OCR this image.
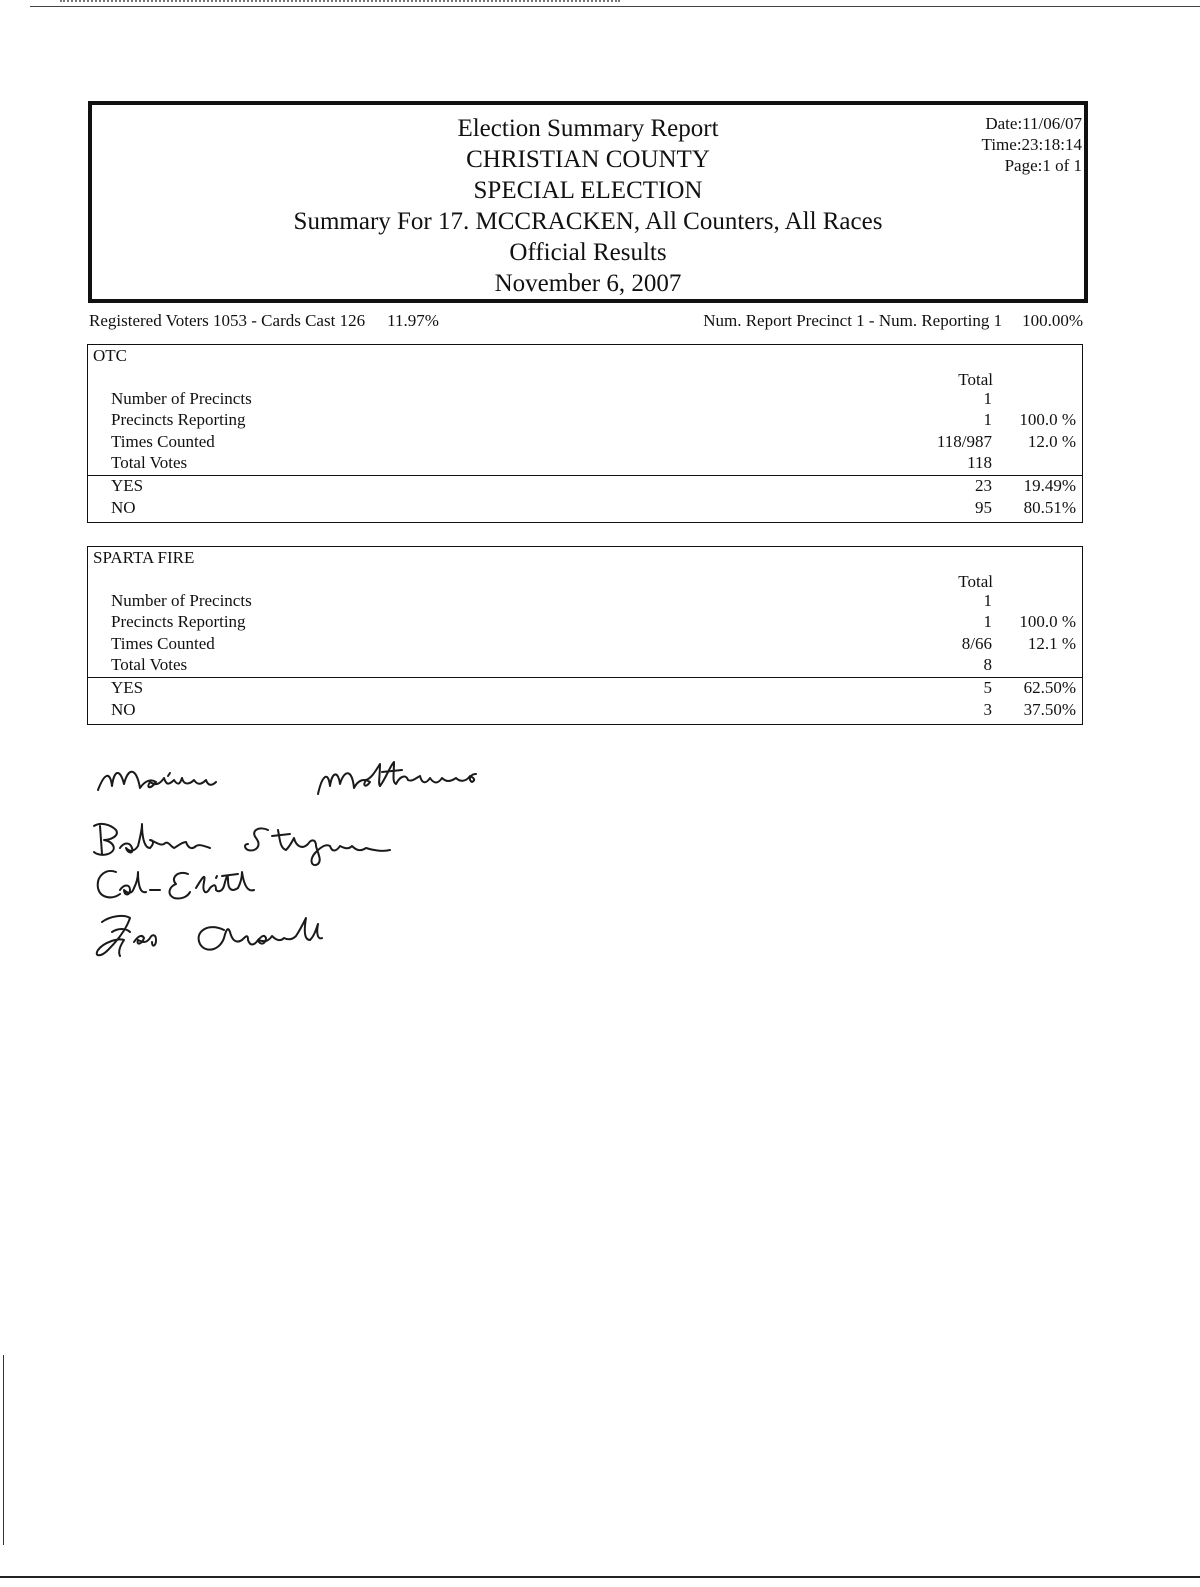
Election Summary Report
CHRISTIAN COUNTY
SPECIAL ELECTION
Summary For 17. MCCRACKEN, All Counters, All Races
Official Results
November 6, 2007
Date:11/06/07
Time:23:18:14
Page:1 of 1
Registered Voters 1053 - Cards Cast 126 11.97%	Num. Report Precinct 1 - Num. Reporting 1 100.00%
OTC
Total
Number of Precincts	1
Precincts Reporting	1 100.0 %
Times Counted	118/987 12.0 %
Total Votes	118
YES	23 19.49%
NO	95 80.51%
SPARTA FIRE
Total
Number of Precincts	1
Precincts Reporting	1 100.0 %
Times Counted	8/66 12.1 %
Total Votes	8
YES	5 62.50%
NO	3 37.50%
